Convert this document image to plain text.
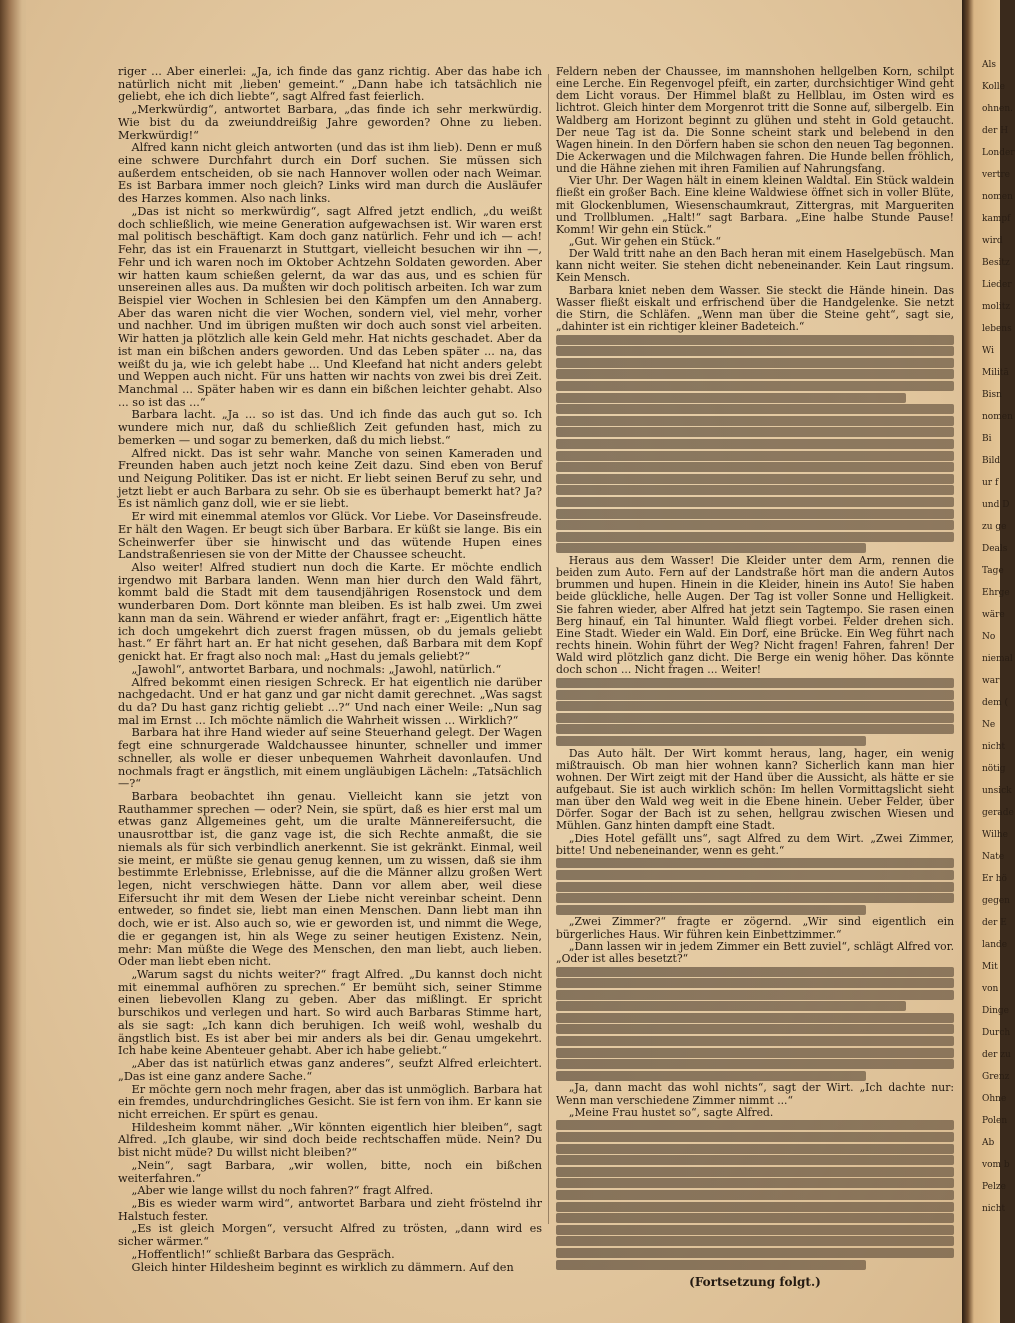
Als
Kolle
ohnen.
der H
Londer
vertre
nomen
kampf
wird
Besitz
Lieder
molitz
lebens
Wi
Militä
Bisn
nomen
Bi
Bild
ur f
und D
zu ge
Deals
Tage
Ehrge
wäre
No
niemal
war
dem (
Ne
nicht
nötig
unsick
gerade
Wilhe
Nate
Er hö
gegen
der E
lande
Mit
von
Dinge
Durch
der zu
Grenz
Ohne
Polen
Ab
vom b
Pelze
nicht

riger ... Aber einerlei: „Ja, ich finde das ganz richtig. Aber das habe ich natürlich nicht mit ‚lieben' gemeint.“ „Dann habe ich tatsächlich nie geliebt, ehe ich dich liebte“, sagt Alfred fast feierlich.

„Merkwürdig“, antwortet Barbara, „das finde ich sehr merkwürdig. Wie bist du da zweiunddreißig Jahre geworden? Ohne zu lieben. Merkwürdig!“

Alfred kann nicht gleich antworten (und das ist ihm lieb). Denn er muß eine schwere Durchfahrt durch ein Dorf suchen. Sie müssen sich außerdem entscheiden, ob sie nach Hannover wollen oder nach Weimar. Es ist Barbara immer noch gleich? Links wird man durch die Ausläufer des Harzes kommen. Also nach links.

„Das ist nicht so merkwürdig“, sagt Alfred jetzt endlich, „du weißt doch schließlich, wie meine Generation aufgewachsen ist. Wir waren erst mal politisch beschäftigt. Kam doch ganz natürlich. Fehr und ich — ach! Fehr, das ist ein Frauenarzt in Stuttgart, vielleicht besuchen wir ihn —, Fehr und ich waren noch im Oktober Achtzehn Soldaten geworden. Aber wir hatten kaum schießen gelernt, da war das aus, und es schien für unsereinen alles aus. Da mußten wir doch politisch arbeiten. Ich war zum Beispiel vier Wochen in Schlesien bei den Kämpfen um den Annaberg. Aber das waren nicht die vier Wochen, sondern viel, viel mehr, vorher und nachher. Und im übrigen mußten wir doch auch sonst viel arbeiten. Wir hatten ja plötzlich alle kein Geld mehr. Hat nichts geschadet. Aber da ist man ein bißchen anders geworden. Und das Leben später ... na, das weißt du ja, wie ich gelebt habe ... Und Kleefand hat nicht anders gelebt und Weppen auch nicht. Für uns hatten wir nachts von zwei bis drei Zeit. Manchmal ... Später haben wir es dann ein bißchen leichter gehabt. Also ... so ist das ...“

Barbara lacht. „Ja ... so ist das. Und ich finde das auch gut so. Ich wundere mich nur, daß du schließlich Zeit gefunden hast, mich zu bemerken — und sogar zu bemerken, daß du mich liebst.“

Alfred nickt. Das ist sehr wahr. Manche von seinen Kameraden und Freunden haben auch jetzt noch keine Zeit dazu. Sind eben von Beruf und Neigung Politiker. Das ist er nicht. Er liebt seinen Beruf zu sehr, und jetzt liebt er auch Barbara zu sehr. Ob sie es überhaupt bemerkt hat? Ja? Es ist nämlich ganz doll, wie er sie liebt.

Er wird mit einemmal atemlos vor Glück. Vor Liebe. Vor Daseinsfreude. Er hält den Wagen. Er beugt sich über Barbara. Er küßt sie lange. Bis ein Scheinwerfer über sie hinwischt und das wütende Hupen eines Landstraßenriesen sie von der Mitte der Chaussee scheucht.

Also weiter! Alfred studiert nun doch die Karte. Er möchte endlich irgendwo mit Barbara landen. Wenn man hier durch den Wald fährt, kommt bald die Stadt mit dem tausendjährigen Rosenstock und dem wunderbaren Dom. Dort könnte man bleiben. Es ist halb zwei. Um zwei kann man da sein. Während er wieder anfährt, fragt er: „Eigentlich hätte ich doch umgekehrt dich zuerst fragen müssen, ob du jemals geliebt hast.“ Er fährt hart an. Er hat nicht gesehen, daß Barbara mit dem Kopf genickt hat. Er fragt also noch mal: „Hast du jemals geliebt?“

„Jawohl“, antwortet Barbara, und nochmals: „Jawohl, natürlich.“

Alfred bekommt einen riesigen Schreck. Er hat eigentlich nie darüber nachgedacht. Und er hat ganz und gar nicht damit gerechnet. „Was sagst du da? Du hast ganz richtig geliebt ...?“ Und nach einer Weile: „Nun sag mal im Ernst ... Ich möchte nämlich die Wahrheit wissen ... Wirklich?“

Barbara hat ihre Hand wieder auf seine Steuerhand gelegt. Der Wagen fegt eine schnurgerade Waldchaussee hinunter, schneller und immer schneller, als wolle er dieser unbequemen Wahrheit davonlaufen. Und nochmals fragt er ängstlich, mit einem ungläubigen Lächeln: „Tatsächlich —?“

Barbara beobachtet ihn genau. Vielleicht kann sie jetzt von Rauthammer sprechen — oder? Nein, sie spürt, daß es hier erst mal um etwas ganz Allgemeines geht, um die uralte Männereifersucht, die unausrottbar ist, die ganz vage ist, die sich Rechte anmaßt, die sie niemals als für sich verbindlich anerkennt. Sie ist gekränkt. Einmal, weil sie meint, er müßte sie genau genug kennen, um zu wissen, daß sie ihm bestimmte Erlebnisse, Erlebnisse, auf die die Männer allzu großen Wert legen, nicht verschwiegen hätte. Dann vor allem aber, weil diese Eifersucht ihr mit dem Wesen der Liebe nicht vereinbar scheint. Denn entweder, so findet sie, liebt man einen Menschen. Dann liebt man ihn doch, wie er ist. Also auch so, wie er geworden ist, und nimmt die Wege, die er gegangen ist, hin als Wege zu seiner heutigen Existenz. Nein, mehr: Man müßte die Wege des Menschen, den man liebt, auch lieben. Oder man liebt eben nicht.

„Warum sagst du nichts weiter?“ fragt Alfred. „Du kannst doch nicht mit einemmal aufhören zu sprechen.“ Er bemüht sich, seiner Stimme einen liebevollen Klang zu geben. Aber das mißlingt. Er spricht burschikos und verlegen und hart. So wird auch Barbaras Stimme hart, als sie sagt: „Ich kann dich beruhigen. Ich weiß wohl, weshalb du ängstlich bist. Es ist aber bei mir anders als bei dir. Genau umgekehrt. Ich habe keine Abenteuer gehabt. Aber ich habe geliebt.“

„Aber das ist natürlich etwas ganz anderes“, seufzt Alfred erleichtert. „Das ist eine ganz andere Sache.“

Er möchte gern noch mehr fragen, aber das ist unmöglich. Barbara hat ein fremdes, undurchdringliches Gesicht. Sie ist fern von ihm. Er kann sie nicht erreichen. Er spürt es genau.

Hildesheim kommt näher. „Wir könnten eigentlich hier bleiben“, sagt Alfred. „Ich glaube, wir sind doch beide rechtschaffen müde. Nein? Du bist nicht müde? Du willst nicht bleiben?“

„Nein“, sagt Barbara, „wir wollen, bitte, noch ein bißchen weiterfahren.“

„Aber wie lange willst du noch fahren?“ fragt Alfred.

„Bis es wieder warm wird“, antwortet Barbara und zieht fröstelnd ihr Halstuch fester.

„Es ist gleich Morgen“, versucht Alfred zu trösten, „dann wird es sicher wärmer.“

„Hoffentlich!“ schließt Barbara das Gespräch.

Gleich hinter Hildesheim beginnt es wirklich zu dämmern. Auf den

Feldern neben der Chaussee, im mannshohen hellgelben Korn, schilpt eine Lerche. Ein Regenvogel pfeift, ein zarter, durchsichtiger Wind geht dem Licht voraus. Der Himmel blaßt zu Hellblau, im Osten wird es lichtrot. Gleich hinter dem Morgenrot tritt die Sonne auf, silbergelb. Ein Waldberg am Horizont beginnt zu glühen und steht in Gold getaucht. Der neue Tag ist da. Die Sonne scheint stark und belebend in den Wagen hinein. In den Dörfern haben sie schon den neuen Tag begonnen. Die Ackerwagen und die Milchwagen fahren. Die Hunde bellen fröhlich, und die Hähne ziehen mit ihren Familien auf Nahrungsfang.

Vier Uhr. Der Wagen hält in einem kleinen Waldtal. Ein Stück waldein fließt ein großer Bach. Eine kleine Waldwiese öffnet sich in voller Blüte, mit Glockenblumen, Wiesenschaumkraut, Zittergras, mit Margueriten und Trollblumen. „Halt!“ sagt Barbara. „Eine halbe Stunde Pause! Komm! Wir gehn ein Stück.“

„Gut. Wir gehen ein Stück.“

Der Wald tritt nahe an den Bach heran mit einem Haselgebüsch. Man kann nicht weiter. Sie stehen dicht nebeneinander. Kein Laut ringsum. Kein Mensch.

Barbara kniet neben dem Wasser. Sie steckt die Hände hinein. Das Wasser fließt eiskalt und erfrischend über die Handgelenke. Sie netzt die Stirn, die Schläfen. „Wenn man über die Steine geht“, sagt sie, „dahinter ist ein richtiger kleiner Badeteich.“

Heraus aus dem Wasser! Die Kleider unter dem Arm, rennen die beiden zum Auto. Fern auf der Landstraße hört man die andern Autos brummen und hupen. Hinein in die Kleider, hinein ins Auto! Sie haben beide glückliche, helle Augen. Der Tag ist voller Sonne und Helligkeit. Sie fahren wieder, aber Alfred hat jetzt sein Tagtempo. Sie rasen einen Berg hinauf, ein Tal hinunter. Wald fliegt vorbei. Felder drehen sich. Eine Stadt. Wieder ein Wald. Ein Dorf, eine Brücke. Ein Weg führt nach rechts hinein. Wohin führt der Weg? Nicht fragen! Fahren, fahren! Der Wald wird plötzlich ganz dicht. Die Berge ein wenig höher. Das könnte doch schon ... Nicht fragen ... Weiter!

Das Auto hält. Der Wirt kommt heraus, lang, hager, ein wenig mißtrauisch. Ob man hier wohnen kann? Sicherlich kann man hier wohnen. Der Wirt zeigt mit der Hand über die Aussicht, als hätte er sie aufgebaut. Sie ist auch wirklich schön: Im hellen Vormittagslicht sieht man über den Wald weg weit in die Ebene hinein. Ueber Felder, über Dörfer. Sogar der Bach ist zu sehen, hellgrau zwischen Wiesen und Mühlen. Ganz hinten dampft eine Stadt.

„Dies Hotel gefällt uns“, sagt Alfred zu dem Wirt. „Zwei Zimmer, bitte! Und nebeneinander, wenn es geht.“

„Zwei Zimmer?“ fragte er zögernd. „Wir sind eigentlich ein bürgerliches Haus. Wir führen kein Einbettzimmer.“

„Dann lassen wir in jedem Zimmer ein Bett zuviel“, schlägt Alfred vor. „Oder ist alles besetzt?“

„Ja, dann macht das wohl nichts“, sagt der Wirt. „Ich dachte nur: Wenn man verschiedene Zimmer nimmt ...“

„Meine Frau hustet so“, sagte Alfred.

(Fortsetzung folgt.)
